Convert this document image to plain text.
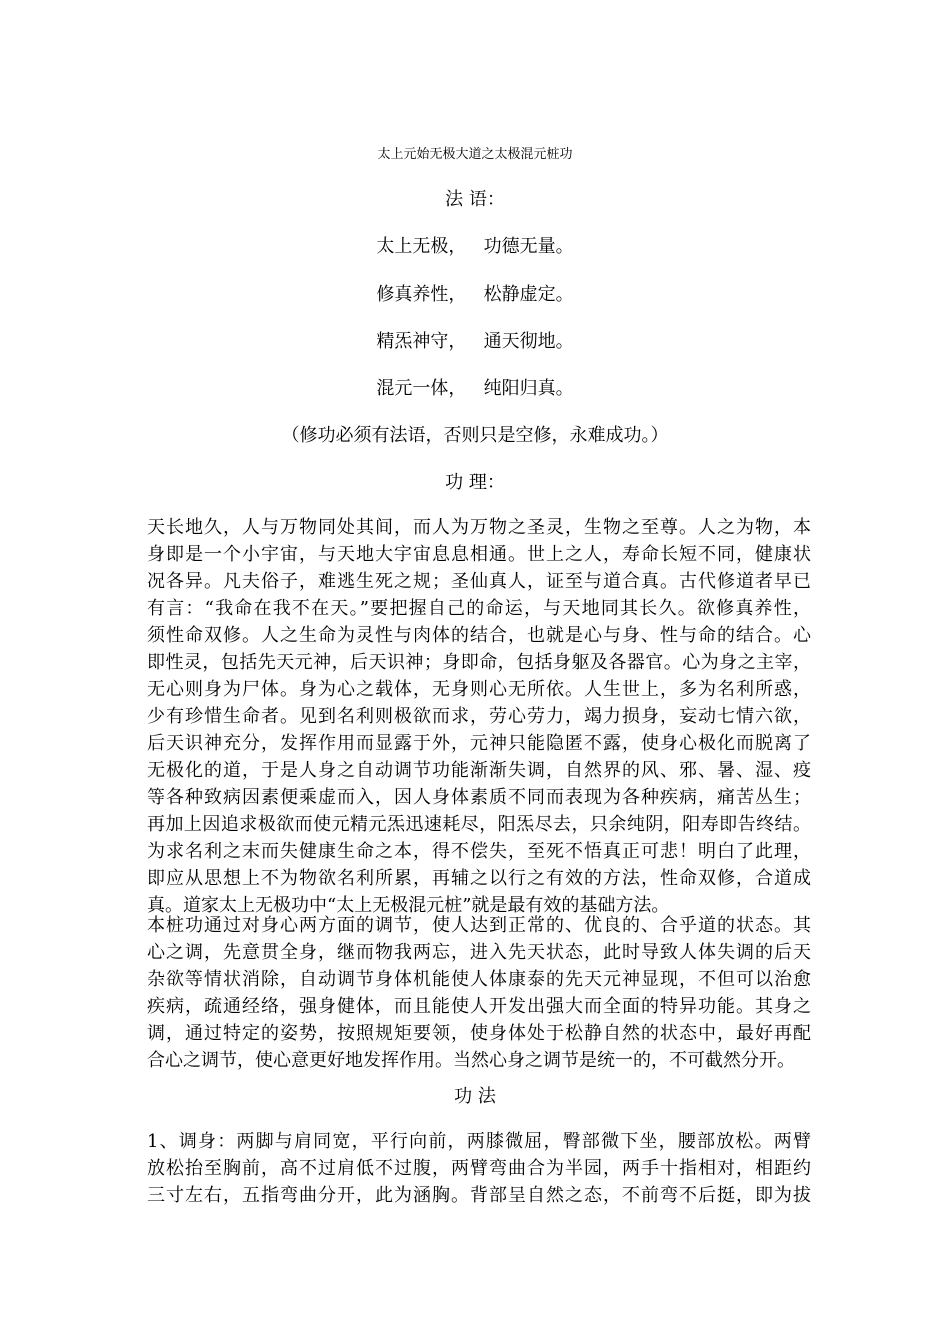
太上元始无极大道之太极混元桩功
法 语：
太上无极，   功德无量。
修真养性，   松静虚定。
精炁神守，   通天彻地。
混元一体，   纯阳归真。
（修功必须有法语，否则只是空修，永难成功。）
功 理：
天长地久，人与万物同处其间，而人为万物之圣灵，生物之至尊。人之为物，本
身即是一个小宇宙，与天地大宇宙息息相通。世上之人，寿命长短不同，健康状
况各异。凡夫俗子，难逃生死之规；圣仙真人，证至与道合真。古代修道者早已
有言：“我命在我不在天。”要把握自己的命运，与天地同其长久。欲修真养性，
须性命双修。人之生命为灵性与肉体的结合，也就是心与身、性与命的结合。心
即性灵，包括先天元神，后天识神；身即命，包括身躯及各器官。心为身之主宰，
无心则身为尸体。身为心之载体，无身则心无所依。人生世上，多为名利所惑，
少有珍惜生命者。见到名利则极欲而求，劳心劳力，竭力损身，妄动七情六欲，
后天识神充分，发挥作用而显露于外，元神只能隐匿不露，使身心极化而脱离了
无极化的道，于是人身之自动调节功能渐渐失调，自然界的风、邪、暑、湿、疫
等各种致病因素便乘虚而入，因人身体素质不同而表现为各种疾病，痛苦丛生；
再加上因追求极欲而使元精元炁迅速耗尽，阳炁尽去，只余纯阴，阳寿即告终结。
为求名利之末而失健康生命之本，得不偿失，至死不悟真正可悲！明白了此理，
即应从思想上不为物欲名利所累，再辅之以行之有效的方法，性命双修，合道成
真。道家太上无极功中“太上无极混元桩”就是最有效的基础方法。
本桩功通过对身心两方面的调节，使人达到正常的、优良的、合乎道的状态。其
心之调，先意贯全身，继而物我两忘，进入先天状态，此时导致人体失调的后天
杂欲等情状消除，自动调节身体机能使人体康泰的先天元神显现，不但可以治愈
疾病，疏通经络，强身健体，而且能使人开发出强大而全面的特异功能。其身之
调，通过特定的姿势，按照规矩要领，使身体处于松静自然的状态中，最好再配
合心之调节，使心意更好地发挥作用。当然心身之调节是统一的，不可截然分开。
功 法
1、调身：两脚与肩同宽，平行向前，两膝微屈，臀部微下坐，腰部放松。两臂
放松抬至胸前，高不过肩低不过腹，两臂弯曲合为半园，两手十指相对，相距约
三寸左右，五指弯曲分开，此为涵胸。背部呈自然之态，不前弯不后挺，即为拔
